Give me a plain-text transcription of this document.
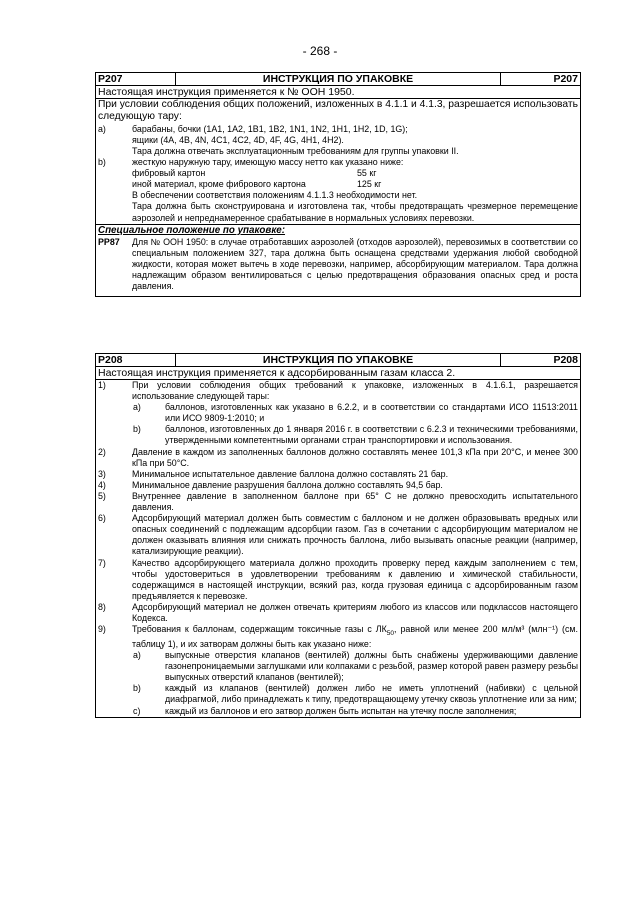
- 268 -
P207	ИНСТРУКЦИЯ ПО УПАКОВКЕ	P207
Настоящая инструкция применяется к № ООН 1950.

При условии соблюдения общих положений, изложенных в 4.1.1 и 4.1.3, разрешается использовать следующую тару:
a)	барабаны, бочки (1A1, 1A2, 1B1, 1B2, 1N1, 1N2, 1H1, 1H2, 1D, 1G);
ящики (4A, 4B, 4N, 4C1, 4C2, 4D, 4F, 4G, 4H1, 4H2).
Тара должна отвечать эксплуатационным требованиям для группы упаковки II.
b)	жесткую наружную тару, имеющую массу нетто как указано ниже:
фибровый картон	55 кг
иной материал, кроме фибрового картона	125 кг
В обеспечении соответствия положениям 4.1.1.3 необходимости нет.
Тара должна быть сконструирована и изготовлена так, чтобы предотвращать чрезмерное перемещение аэрозолей и непреднамеренное срабатывание в нормальных условиях перевозки.

Специальное положение по упаковке:
PP87	Для № ООН 1950: в случае отработавших аэрозолей (отходов аэрозолей), перевозимых в соответствии со специальным положением 327, тара должна быть оснащена средствами удержания любой свободной жидкости, которая может вытечь в ходе перевозки, например, абсорбирующим материалом. Тара должна надлежащим образом вентилироваться с целью предотвращения образования опасных сред и роста давления.
P208	ИНСТРУКЦИЯ ПО УПАКОВКЕ	P208
Настоящая инструкция применяется к адсорбированным газам класса 2.

1)	При условии соблюдения общих требований к упаковке, изложенных в 4.1.6.1, разрешается использование следующей тары:
a)	баллонов, изготовленных как указано в 6.2.2, и в соответствии со стандартами ИСО 11513:2011 или ИСО 9809-1:2010; и
b)	баллонов, изготовленных до 1 января 2016 г. в соответствии с 6.2.3 и техническими требованиями, утвержденными компетентными органами стран транспортировки и использования.
2)	Давление в каждом из заполненных баллонов должно составлять менее 101,3 кПа при 20°C, и менее 300 кПа при 50°C.
3)	Минимальное испытательное давление баллона должно составлять 21 бар.
4)	Минимальное давление разрушения баллона должно составлять 94,5 бар.
5)	Внутреннее давление в заполненном баллоне при 65° C не должно превосходить испытательного давления.
6)	Адсорбирующий материал должен быть совместим с баллоном и не должен образовывать вредных или опасных соединений с подлежащим адсорбции газом. Газ в сочетании с адсорбирующим материалом не должен оказывать влияния или снижать прочность баллона, либо вызывать опасные реакции (например, катализирующие реакции).
7)	Качество адсорбирующего материала должно проходить проверку перед каждым заполнением с тем, чтобы удостовериться в удовлетворении требованиям к давлению и химической стабильности, содержащимся в настоящей инструкции, всякий раз, когда грузовая единица с адсорбированным газом предъявляется к перевозке.
8)	Адсорбирующий материал не должен отвечать критериям любого из классов или подклассов настоящего Кодекса.
9)	Требования к баллонам, содержащим токсичные газы с $ЛК_{50}$, равной или менее 200 мл/м³ (млн⁻¹) (см. таблицу 1), и их затворам должны быть как указано ниже:
a)	выпускные отверстия клапанов (вентилей) должны быть снабжены удерживающими давление газонепроницаемыми заглушками или колпаками с резьбой, размер которой равен размеру резьбы выпускных отверстий клапанов (вентилей);
b)	каждый из клапанов (вентилей) должен либо не иметь уплотнений (набивки) с цельной диафрагмой, либо принадлежать к типу, предотвращающему утечку сквозь уплотнение или за ним;
c)	каждый из баллонов и его затвор должен быть испытан на утечку после заполнения;
